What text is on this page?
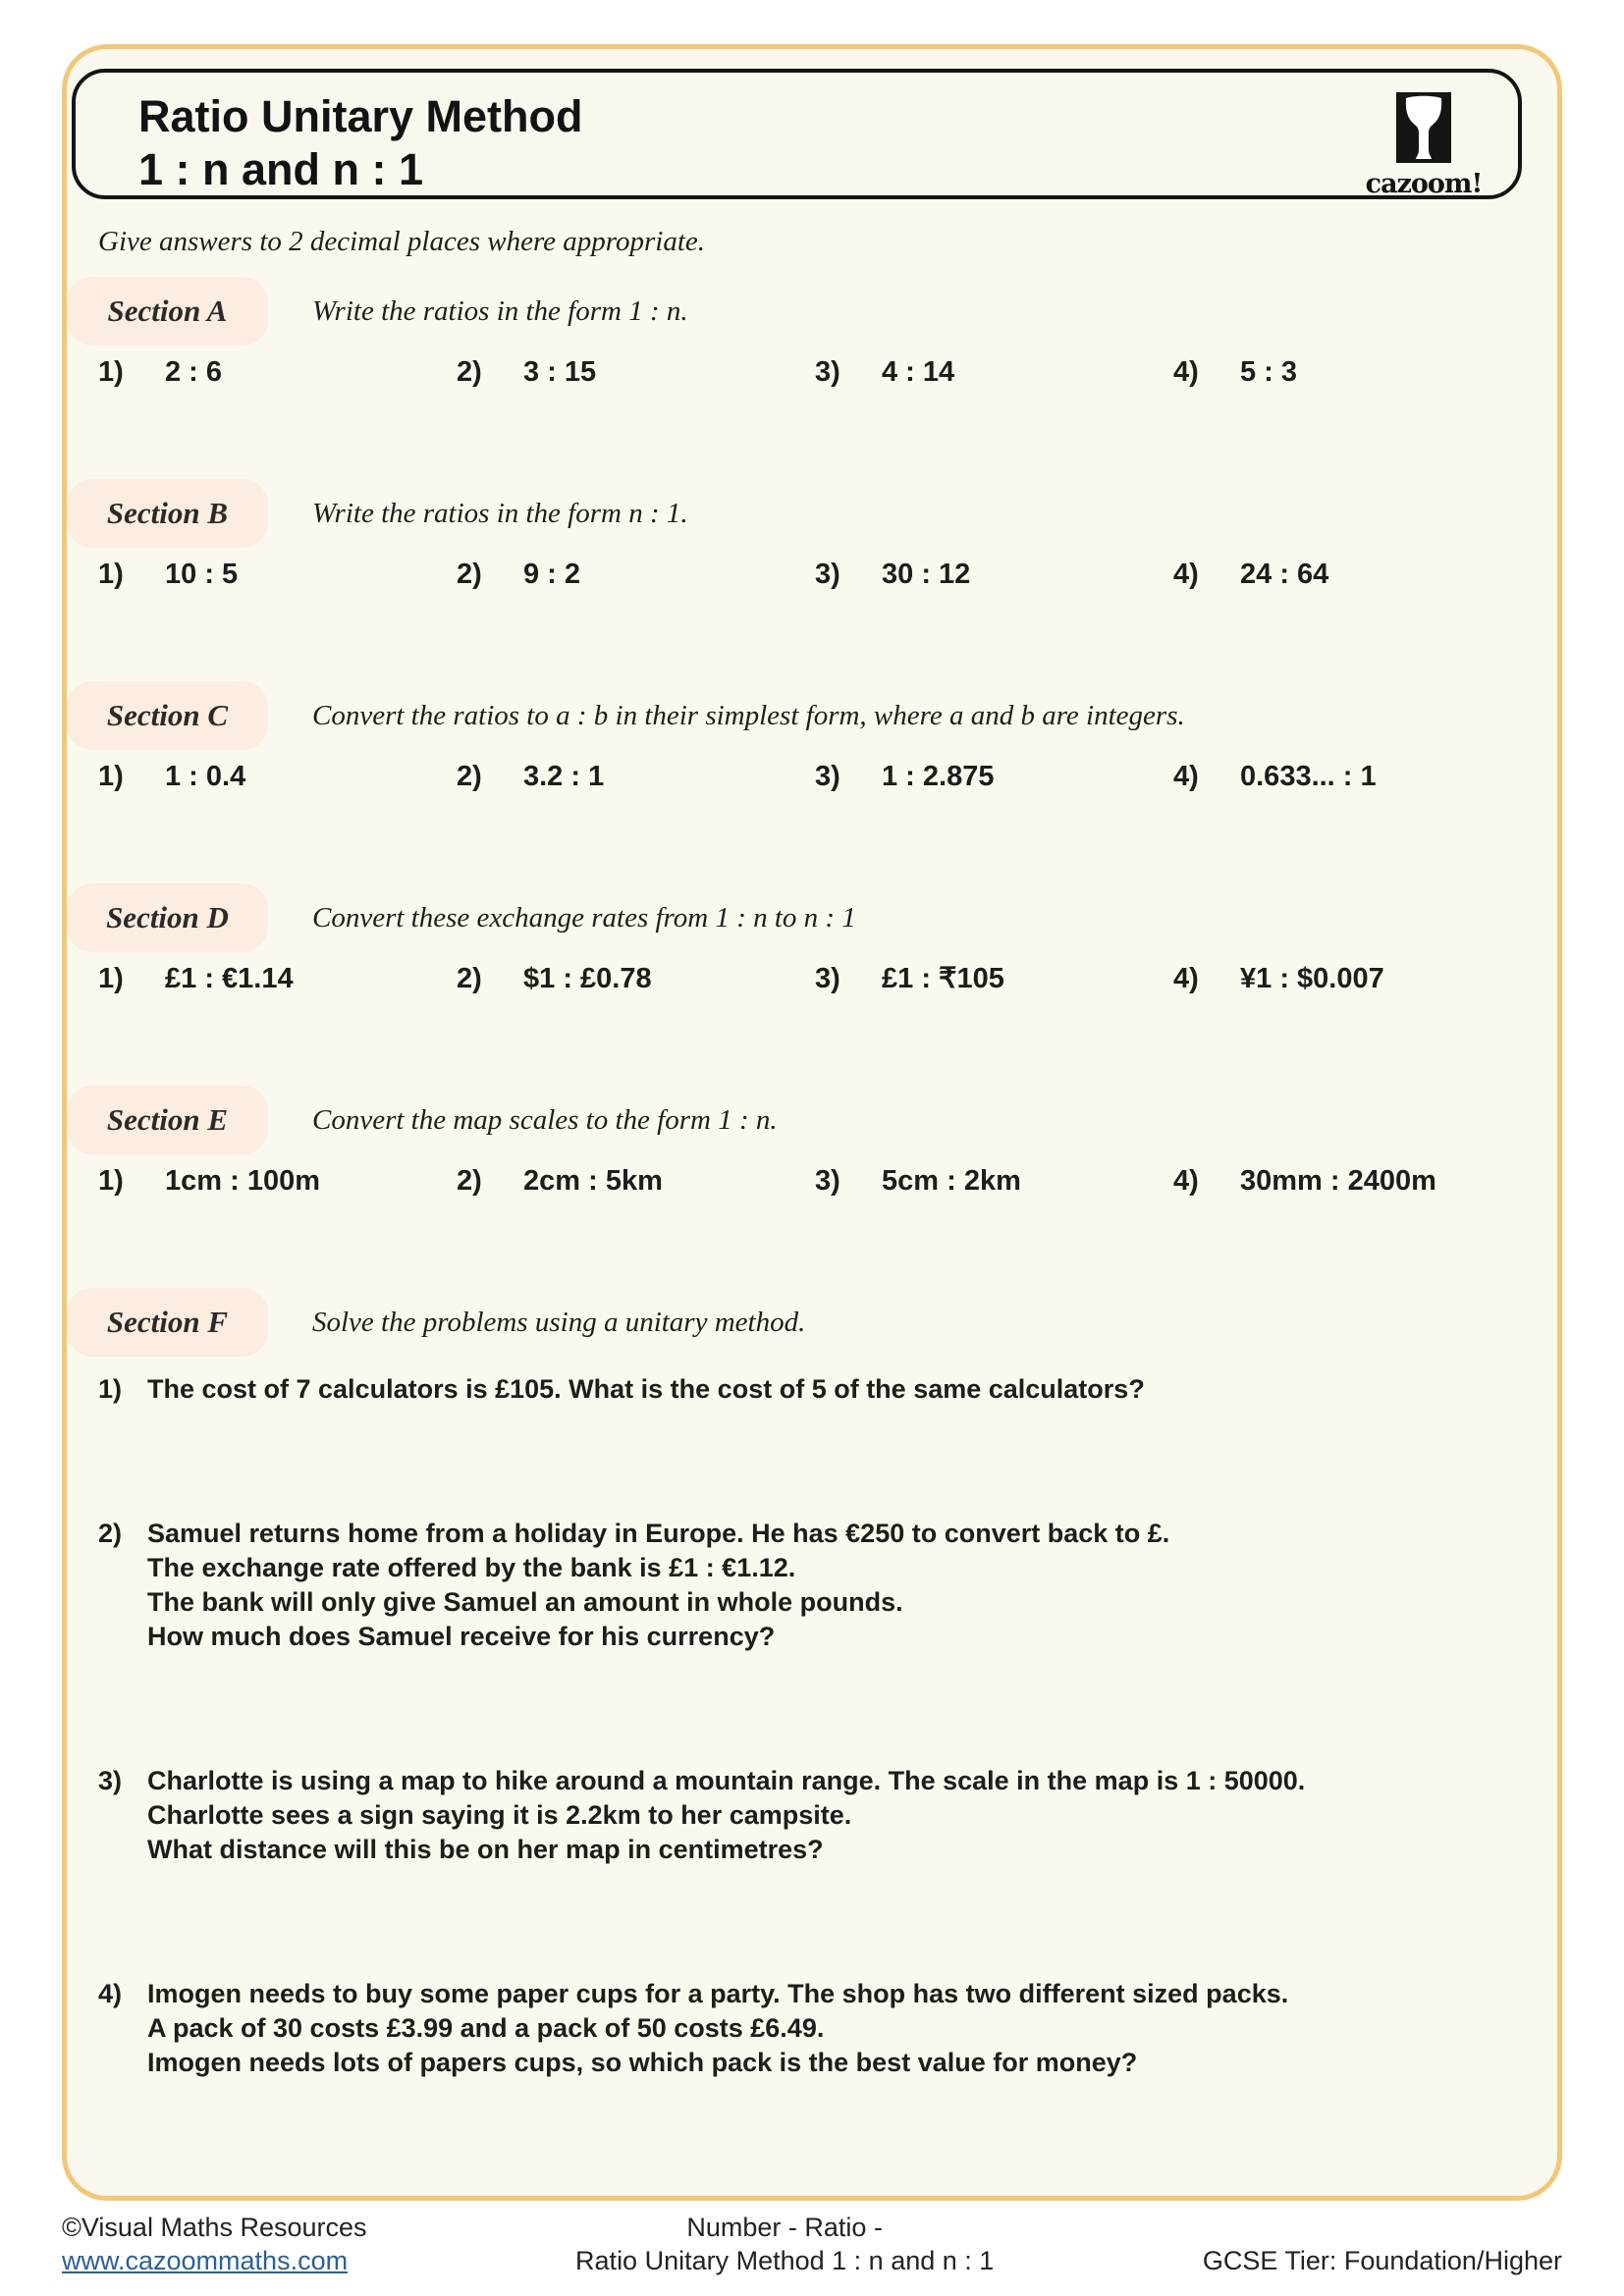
Ratio Unitary Method
1 : n and n : 1	cazoom!
Give answers to 2 decimal places where appropriate.
Section A	Write the ratios in the form 1 : n.
1)	2 : 6	2)	3 : 15	3)	4 : 14	4)	5 : 3
Section B	Write the ratios in the form n : 1.
1)	10 : 5	2)	9 : 2	3)	30 : 12	4)	24 : 64
Section C	Convert the ratios to a : b in their simplest form, where a and b are integers.
1)	1 : 0.4	2)	3.2 : 1	3)	1 : 2.875	4)	0.633... : 1
Section D	Convert these exchange rates from 1 : n to n : 1
1)	£1 : €1.14	2)	$1 : £0.78	3)	£1 : ₹105	4)	¥1 : $0.007
Section E	Convert the map scales to the form 1 : n.
1)	1cm : 100m	2)	2cm : 5km	3)	5cm : 2km	4)	30mm : 2400m
Section F	Solve the problems using a unitary method.
1) The cost of 7 calculators is £105. What is the cost of 5 of the same calculators?
2) Samuel returns home from a holiday in Europe. He has €250 to convert back to £.
The exchange rate offered by the bank is £1 : €1.12.
The bank will only give Samuel an amount in whole pounds.
How much does Samuel receive for his currency?
3) Charlotte is using a map to hike around a mountain range. The scale in the map is 1 : 50000.
Charlotte sees a sign saying it is 2.2km to her campsite.
What distance will this be on her map in centimetres?
4) Imogen needs to buy some paper cups for a party. The shop has two different sized packs.
A pack of 30 costs £3.99 and a pack of 50 costs £6.49.
Imogen needs lots of papers cups, so which pack is the best value for money?
©Visual Maths Resources
www.cazoommaths.com
Number - Ratio -
Ratio Unitary Method 1 : n and n : 1	GCSE Tier: Foundation/Higher
